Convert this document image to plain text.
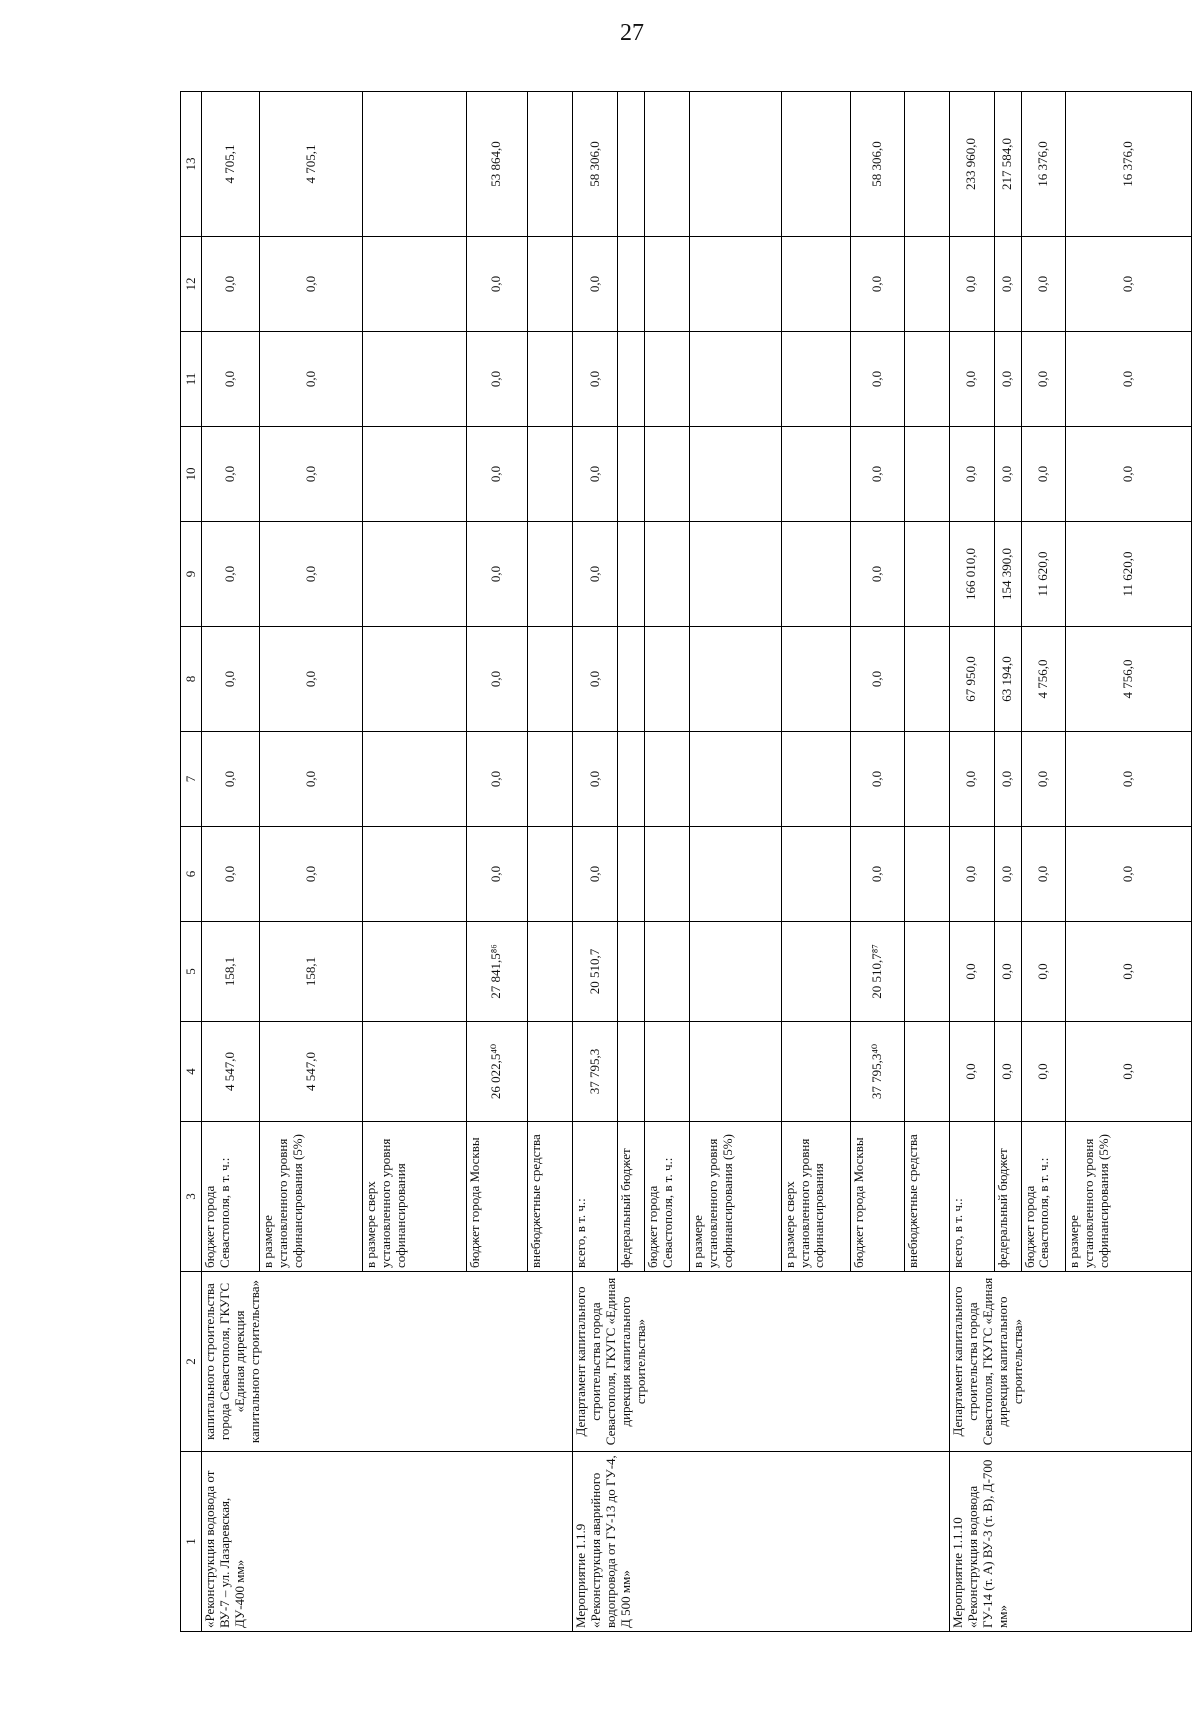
27
1	2	3	4	5	6	7	8	9	10	11	12	13
«Реконструкция водовода от ВУ-7 – ул. Лазаревская, ДУ-400 мм»	капитального строительства города Севастополя, ГКУГС «Единая дирекция капитального строительства»	бюджет города Севастополя, в т. ч.:	4 547,0	158,1	0,0	0,0	0,0	0,0	0,0	0,0	0,0	4 705,1
		в размере установленного уровня софинансирования (5%)	4 547,0	158,1	0,0	0,0	0,0	0,0	0,0	0,0	0,0	4 705,1
		в размере сверх установленного уровня софинансирования										
		бюджет города Москвы	26 022,5⁴⁰	27 841,5⁸⁶	0,0	0,0	0,0	0,0	0,0	0,0	0,0	53 864,0
		внебюджетные средства										
Мероприятие 1.1.9 «Реконструкция аварийного водопровода от ГУ-13 до ГУ-4, Д 500 мм»	Департамент капитального строительства города Севастополя, ГКУГС «Единая дирекция капитального строительства»	всего, в т. ч.:	37 795,3	20 510,7	0,0	0,0	0,0	0,0	0,0	0,0	0,0	58 306,0
		федеральный бюджет										
		бюджет города Севастополя, в т. ч.:										
		в размере установленного уровня софинансирования (5%)										
		в размере сверх установленного уровня софинансирования										
		бюджет города Москвы	37 795,3⁴⁰	20 510,7⁸⁷	0,0	0,0	0,0	0,0	0,0	0,0	0,0	58 306,0
		внебюджетные средства										
Мероприятие 1.1.10 «Реконструкция водовода ГУ-14 (т. А) ВУ-3 (т. В), Д-700 мм»	Департамент капитального строительства города Севастополя, ГКУГС «Единая дирекция капитального строительства»	всего, в т. ч.:	0,0	0,0	0,0	0,0	67 950,0	166 010,0	0,0	0,0	0,0	233 960,0
		федеральный бюджет	0,0	0,0	0,0	0,0	63 194,0	154 390,0	0,0	0,0	0,0	217 584,0
		бюджет города Севастополя, в т. ч.:	0,0	0,0	0,0	0,0	4 756,0	11 620,0	0,0	0,0	0,0	16 376,0
		в размере установленного уровня софинансирования (5%)	0,0	0,0	0,0	0,0	4 756,0	11 620,0	0,0	0,0	0,0	16 376,0
